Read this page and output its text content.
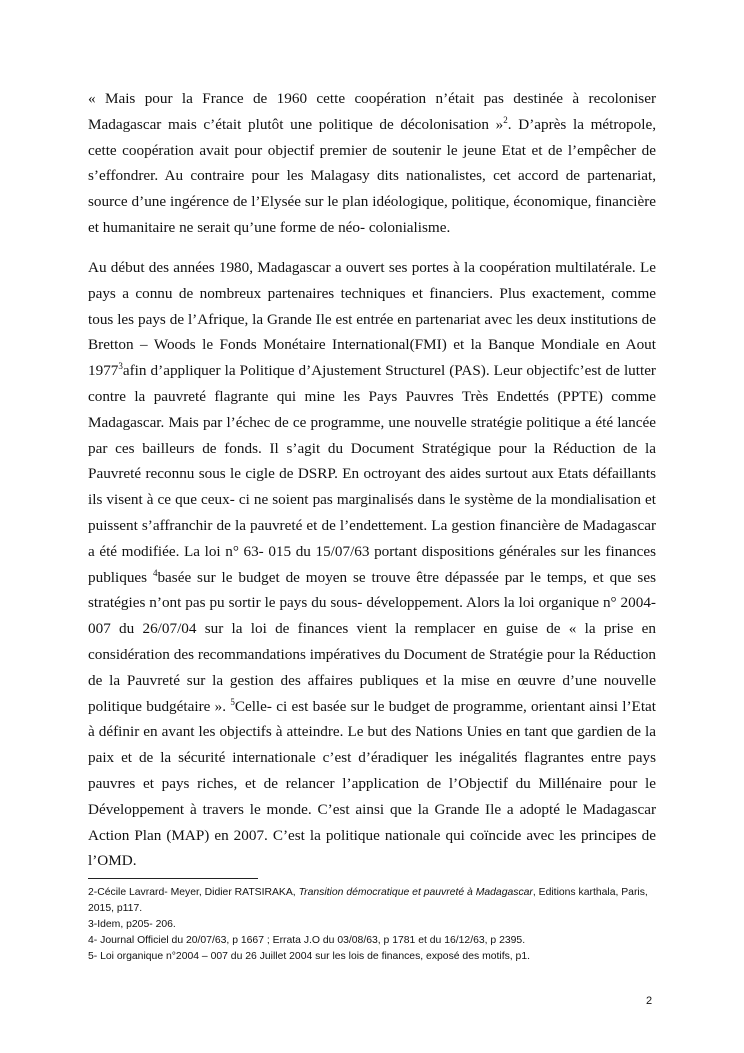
« Mais pour la France de 1960 cette coopération n’était pas destinée à recoloniser Madagascar mais c’était plutôt une politique de décolonisation »$^2$. D’après la métropole, cette coopération avait pour objectif premier de soutenir le jeune Etat et de l’empêcher de s’effondrer. Au contraire pour les Malagasy dits nationalistes, cet accord de partenariat, source d’une ingérence de l’Elysée sur le plan idéologique, politique, économique, financière et humanitaire ne serait qu’une forme de néo- colonialisme.

Au début des années 1980, Madagascar a ouvert ses portes à la coopération multilatérale. Le pays a connu de nombreux partenaires techniques et financiers. Plus exactement, comme tous les pays de l’Afrique, la Grande Ile est entrée en partenariat avec les deux institutions de Bretton – Woods le Fonds Monétaire International(FMI) et la Banque Mondiale en Aout 1977$^3$afin d’appliquer la Politique d’Ajustement Structurel (PAS). Leur objectifc’est de lutter contre la pauvreté flagrante qui mine les Pays Pauvres Très Endettés (PPTE) comme Madagascar. Mais par l’échec de ce programme, une nouvelle stratégie politique a été lancée par ces bailleurs de fonds. Il s’agit du Document Stratégique pour la Réduction de la Pauvreté reconnu sous le cigle de DSRP. En octroyant des aides surtout aux Etats défaillants ils visent à ce que ceux- ci ne soient pas marginalisés dans le système de la mondialisation et puissent s’affranchir de la pauvreté et de l’endettement. La gestion financière de Madagascar a été modifiée. La loi n° 63- 015 du 15/07/63 portant dispositions générales sur les finances publiques $^4$basée sur le budget de moyen se trouve être dépassée par le temps, et que ses stratégies n’ont pas pu sortir le pays du sous- développement. Alors la loi organique n° 2004-007 du 26/07/04 sur la loi de finances vient la remplacer en guise de « la prise en considération des recommandations impératives du Document de Stratégie pour la Réduction de la Pauvreté sur la gestion des affaires publiques et la mise en œuvre d’une nouvelle politique budgétaire ». $^5$Celle- ci est basée sur le budget de programme, orientant ainsi l’Etat à définir en avant les objectifs à atteindre. Le but des Nations Unies en tant que gardien de la paix et de la sécurité internationale c’est d’éradiquer les inégalités flagrantes entre pays pauvres et pays riches, et de relancer l’application de l’Objectif du Millénaire pour le Développement à travers le monde. C’est ainsi que la Grande Ile a adopté le Madagascar Action Plan (MAP) en 2007. C’est la politique nationale qui coïncide avec les principes de l’OMD.

2-Cécile Lavrard- Meyer, Didier RATSIRAKA, Transition démocratique et pauvreté à Madagascar, Editions karthala, Paris, 2015, p117.
3-Idem, p205- 206.
4- Journal Officiel du 20/07/63, p 1667 ; Errata J.O du 03/08/63, p 1781 et du 16/12/63, p 2395.
5- Loi organique n°2004 – 007 du 26 Juillet 2004 sur les lois de finances, exposé des motifs, p1.
2
